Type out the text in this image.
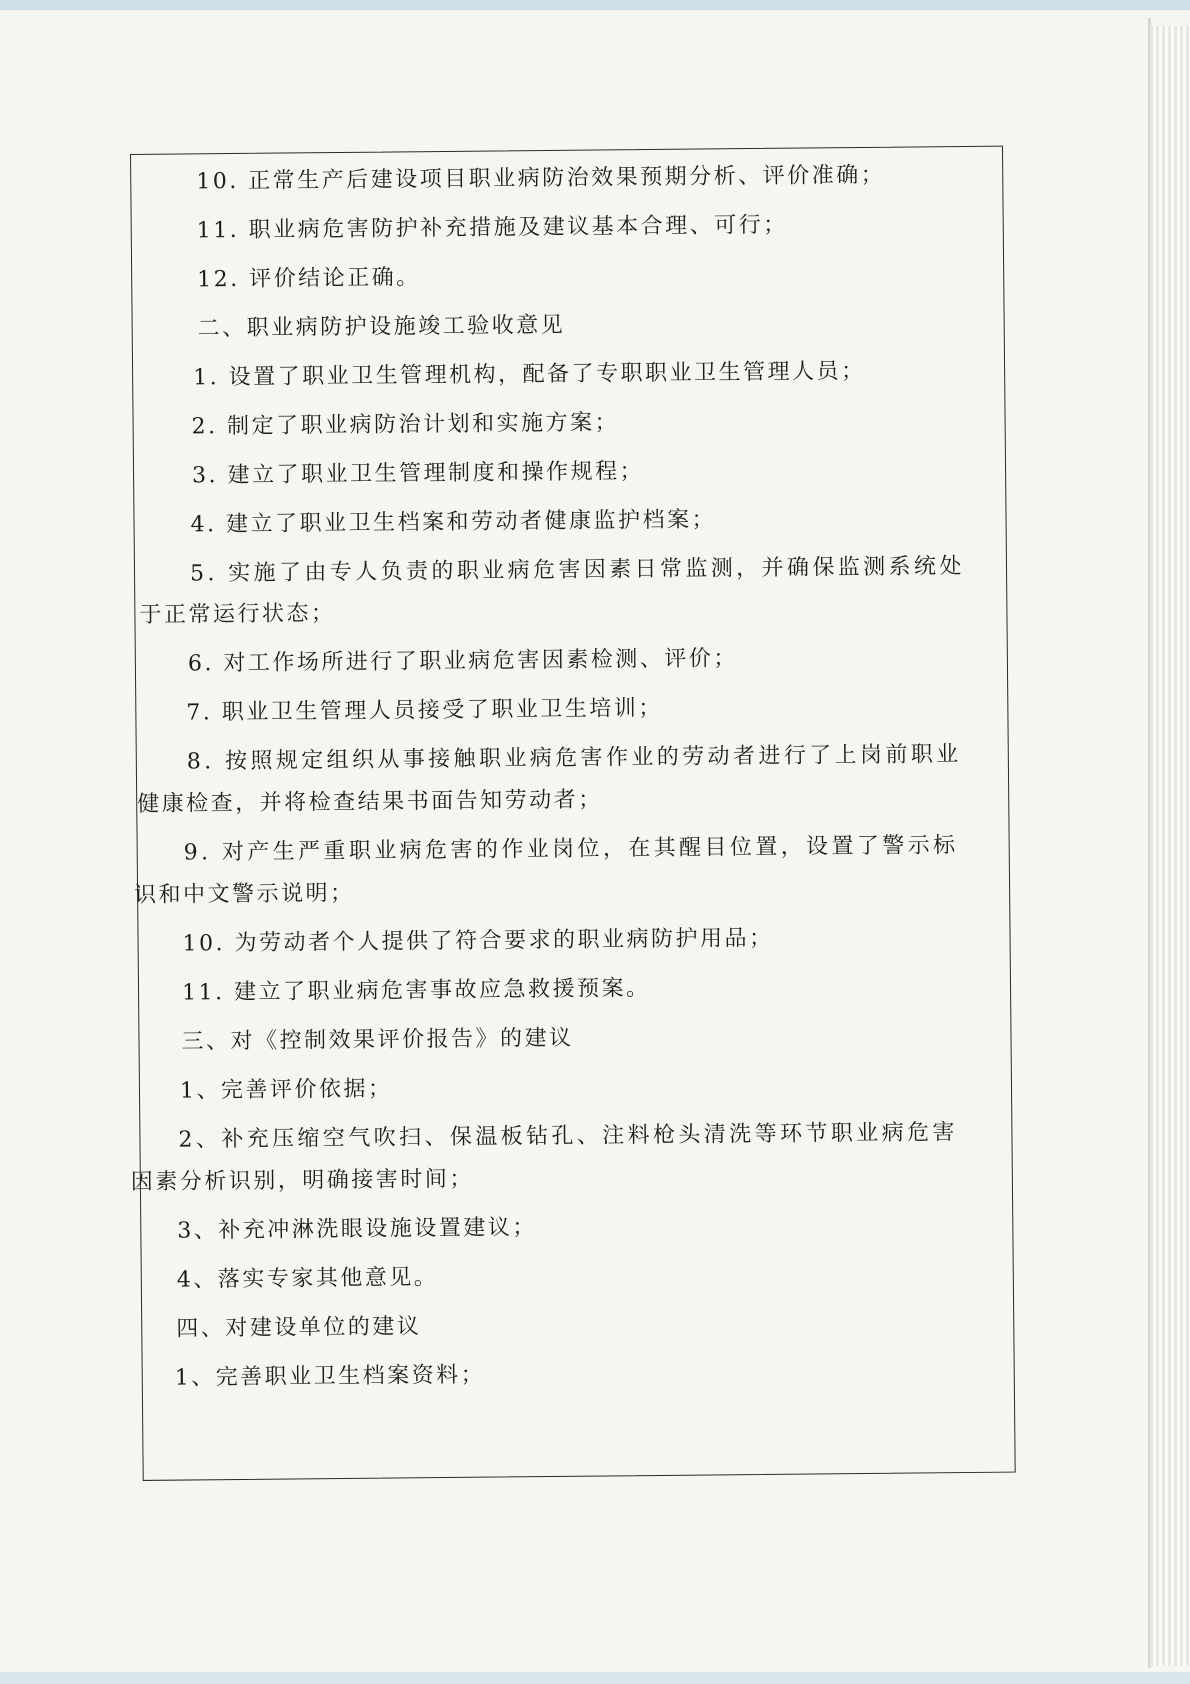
10. 正常生产后建设项目职业病防治效果预期分析、评价准确；
11. 职业病危害防护补充措施及建议基本合理、可行；
12. 评价结论正确。
二、职业病防护设施竣工验收意见
1. 设置了职业卫生管理机构，配备了专职职业卫生管理人员；
2. 制定了职业病防治计划和实施方案；
3. 建立了职业卫生管理制度和操作规程；
4. 建立了职业卫生档案和劳动者健康监护档案；
5. 实施了由专人负责的职业病危害因素日常监测，并确保监测系统处
于正常运行状态；
6. 对工作场所进行了职业病危害因素检测、评价；
7. 职业卫生管理人员接受了职业卫生培训；
8. 按照规定组织从事接触职业病危害作业的劳动者进行了上岗前职业
健康检查，并将检查结果书面告知劳动者；
9. 对产生严重职业病危害的作业岗位，在其醒目位置，设置了警示标
识和中文警示说明；
10. 为劳动者个人提供了符合要求的职业病防护用品；
11. 建立了职业病危害事故应急救援预案。
三、对《控制效果评价报告》的建议
1、完善评价依据；
2、补充压缩空气吹扫、保温板钻孔、注料枪头清洗等环节职业病危害
因素分析识别，明确接害时间；
3、补充冲淋洗眼设施设置建议；
4、落实专家其他意见。
四、对建设单位的建议
1、完善职业卫生档案资料；
